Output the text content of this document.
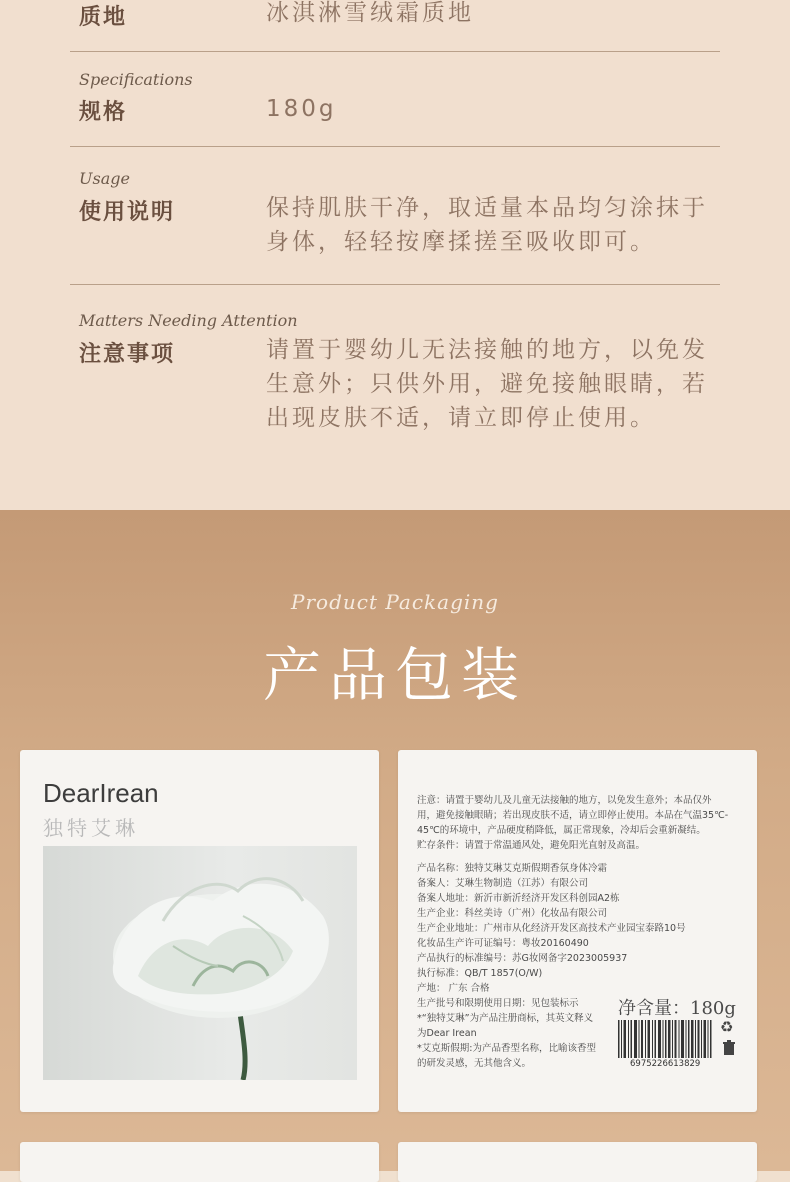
质地	冰淇淋雪绒霜质地
Specifications
规格	180g
Usage
使用说明	保持肌肤干净，取适量本品均匀涂抹于身体，轻轻按摩揉搓至吸收即可。
Matters Needing Attention
注意事项	请置于婴幼儿无法接触的地方，以免发生意外；只供外用，避免接触眼睛，若出现皮肤不适，请立即停止使用。
Product Packaging
产品包装
DearIrean
独特艾琳
注意：请置于婴幼儿及儿童无法接触的地方，以免发生意外；本品仅外
用，避免接触眼睛；若出现皮肤不适，请立即停止使用。本品在气温35℃-
45℃的环境中，产品硬度稍降低，属正常现象，冷却后会重新凝结。
贮存条件：请置于常温通风处，避免阳光直射及高温。
产品名称：独特艾琳艾克斯假期香氛身体冷霜
备案人：艾琳生物制造（江苏）有限公司
备案人地址：新沂市新沂经济开发区科创园A2栋
生产企业：科丝美诗（广州）化妆品有限公司
生产企业地址：广州市从化经济开发区高技术产业园宝泰路10号
化妆品生产许可证编号：粤妆20160490
产品执行的标准编号：苏G妆网备字2023005937
执行标准：QB/T 1857(O/W)
产地： 广东 合格
生产批号和限期使用日期：见包装标示
*“独特艾琳”为产品注册商标，其英文释义
为Dear Irean
*艾克斯假期:为产品香型名称，比喻该香型
的研发灵感，无其他含义。
净含量：180g
6975226613829
♻
